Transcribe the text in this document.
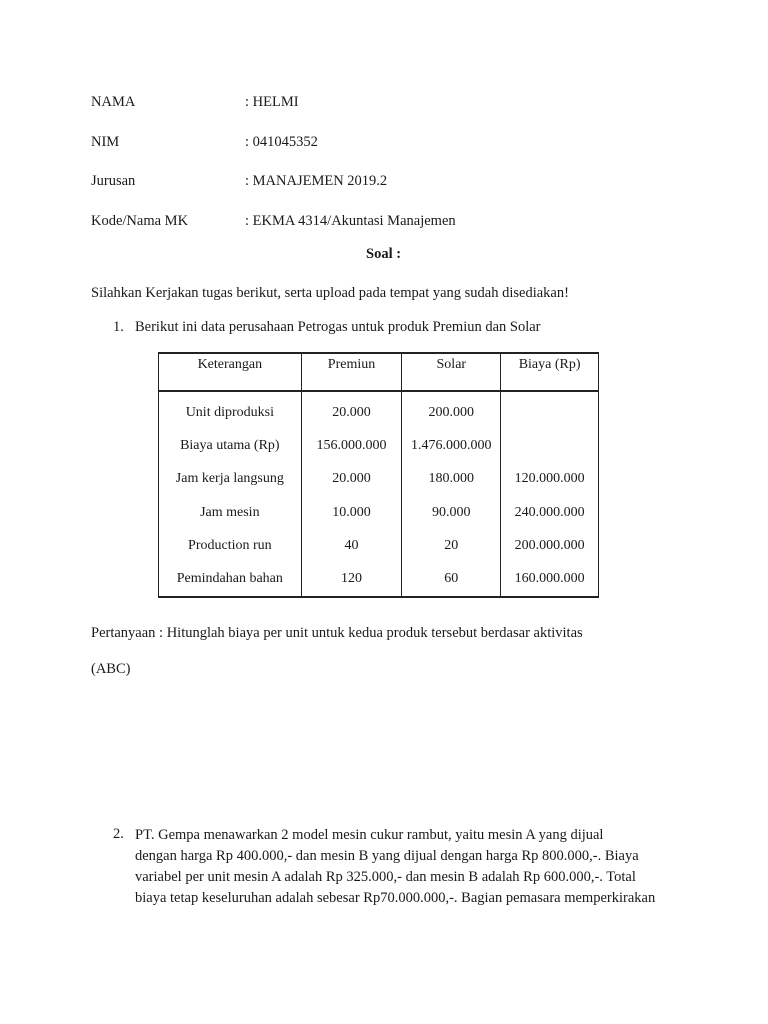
NAMA	: HELMI
NIM	: 041045352
Jurusan	: MANAJEMEN 2019.2
Kode/Nama MK	: EKMA 4314/Akuntasi Manajemen
Soal :
Silahkan Kerjakan tugas berikut, serta upload pada tempat yang sudah disediakan!
1. Berikut ini data perusahaan Petrogas untuk produk Premiun dan Solar
Keterangan	Premiun	Solar	Biaya (Rp)
Unit diproduksi	20.000	200.000	
Biaya utama (Rp)	156.000.000	1.476.000.000	
Jam kerja langsung	20.000	180.000	120.000.000
Jam mesin	10.000	90.000	240.000.000
Production run	40	20	200.000.000
Pemindahan bahan	120	60	160.000.000
Pertanyaan : Hitunglah biaya per unit untuk kedua produk tersebut berdasar aktivitas
(ABC)
2. PT. Gempa menawarkan 2 model mesin cukur rambut, yaitu mesin A yang dijual
dengan harga Rp 400.000,- dan mesin B yang dijual dengan harga Rp 800.000,-. Biaya
variabel per unit mesin A adalah Rp 325.000,- dan mesin B adalah Rp 600.000,-. Total
biaya tetap keseluruhan adalah sebesar Rp70.000.000,-. Bagian pemasara memperkirakan
